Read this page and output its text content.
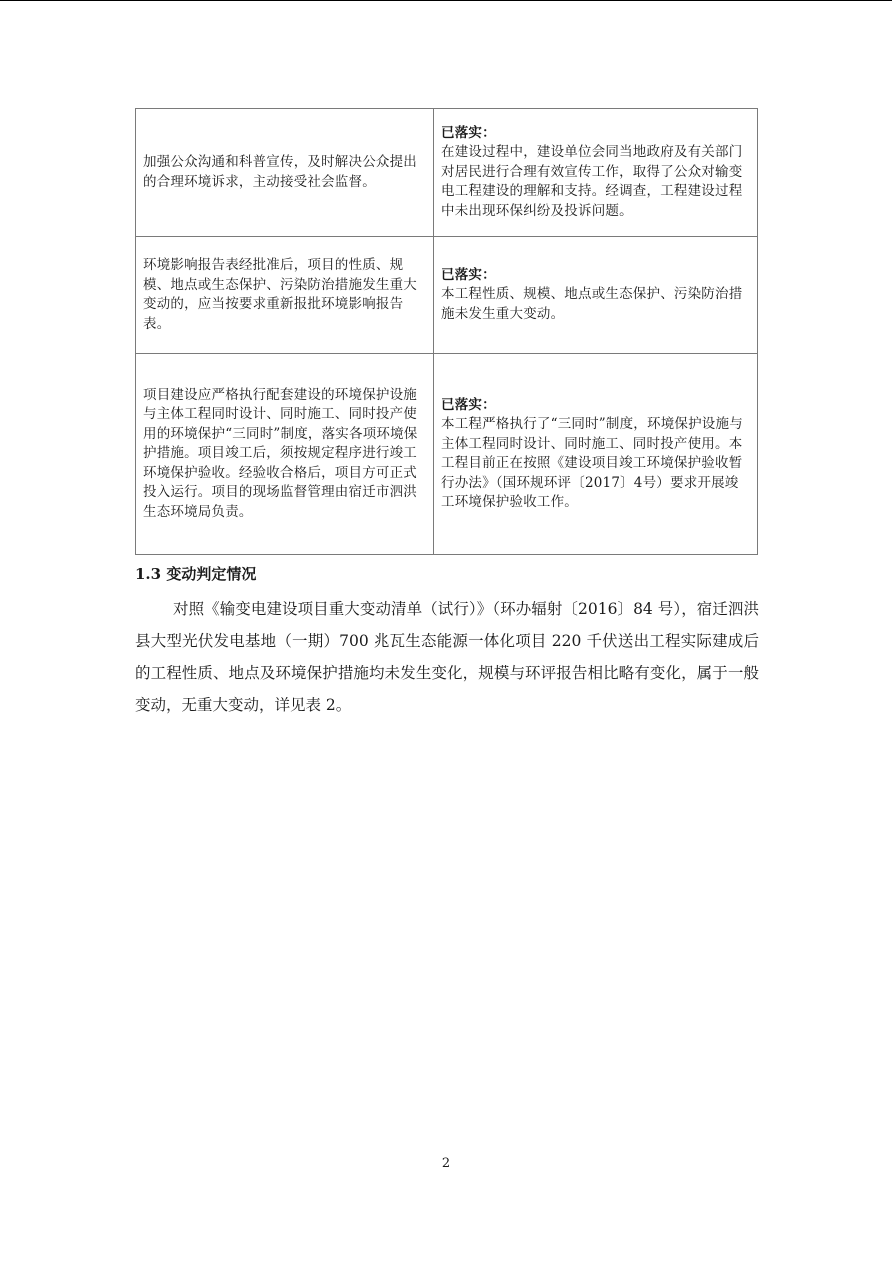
加强公众沟通和科普宣传，及时解决公众提出的合理环境诉求，主动接受社会监督。	已落实：
在建设过程中，建设单位会同当地政府及有关部门对居民进行合理有效宣传工作，取得了公众对输变电工程建设的理解和支持。经调查，工程建设过程中未出现环保纠纷及投诉问题。
环境影响报告表经批准后，项目的性质、规模、地点或生态保护、污染防治措施发生重大变动的，应当按要求重新报批环境影响报告表。	已落实：
本工程性质、规模、地点或生态保护、污染防治措施未发生重大变动。
项目建设应严格执行配套建设的环境保护设施与主体工程同时设计、同时施工、同时投产使用的环境保护“三同时”制度，落实各项环境保护措施。项目竣工后，须按规定程序进行竣工环境保护验收。经验收合格后，项目方可正式投入运行。项目的现场监督管理由宿迁市泗洪生态环境局负责。	已落实：
本工程严格执行了“三同时”制度，环境保护设施与主体工程同时设计、同时施工、同时投产使用。本工程目前正在按照《建设项目竣工环境保护验收暂行办法》（国环规环评〔2017〕4号）要求开展竣工环境保护验收工作。
1.3 变动判定情况

对照《输变电建设项目重大变动清单（试行）》（环办辐射〔2016〕84 号），宿迁泗洪县大型光伏发电基地（一期）700 兆瓦生态能源一体化项目 220 千伏送出工程实际建成后的工程性质、地点及环境保护措施均未发生变化，规模与环评报告相比略有变化，属于一般变动，无重大变动，详见表 2。

2
